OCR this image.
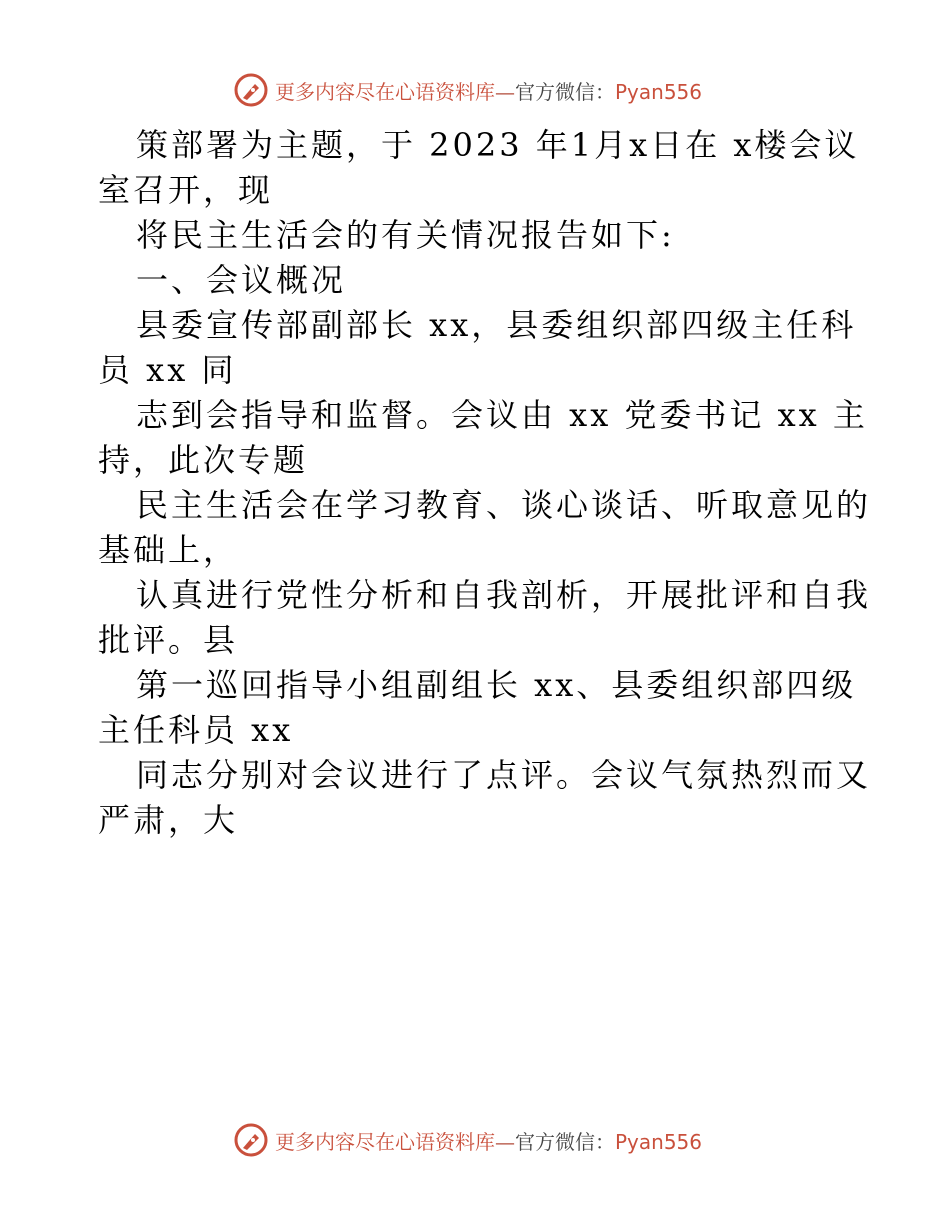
更多内容尽在心语资料库—官方微信：Pyan556
策部署为主题，于 2023 年1月x日在 x楼会议
室召开，现
将民主生活会的有关情况报告如下:
一、会议概况
县委宣传部副部长 xx，县委组织部四级主任科
员 xx 同
志到会指导和监督。会议由 xx 党委书记 xx 主
持，此次专题
民主生活会在学习教育、谈心谈话、听取意见的
基础上，
认真进行党性分析和自我剖析，开展批评和自我
批评。县
第一巡回指导小组副组长 xx、县委组织部四级
主任科员 xx
同志分别对会议进行了点评。会议气氛热烈而又
严肃，大
更多内容尽在心语资料库—官方微信：Pyan556
